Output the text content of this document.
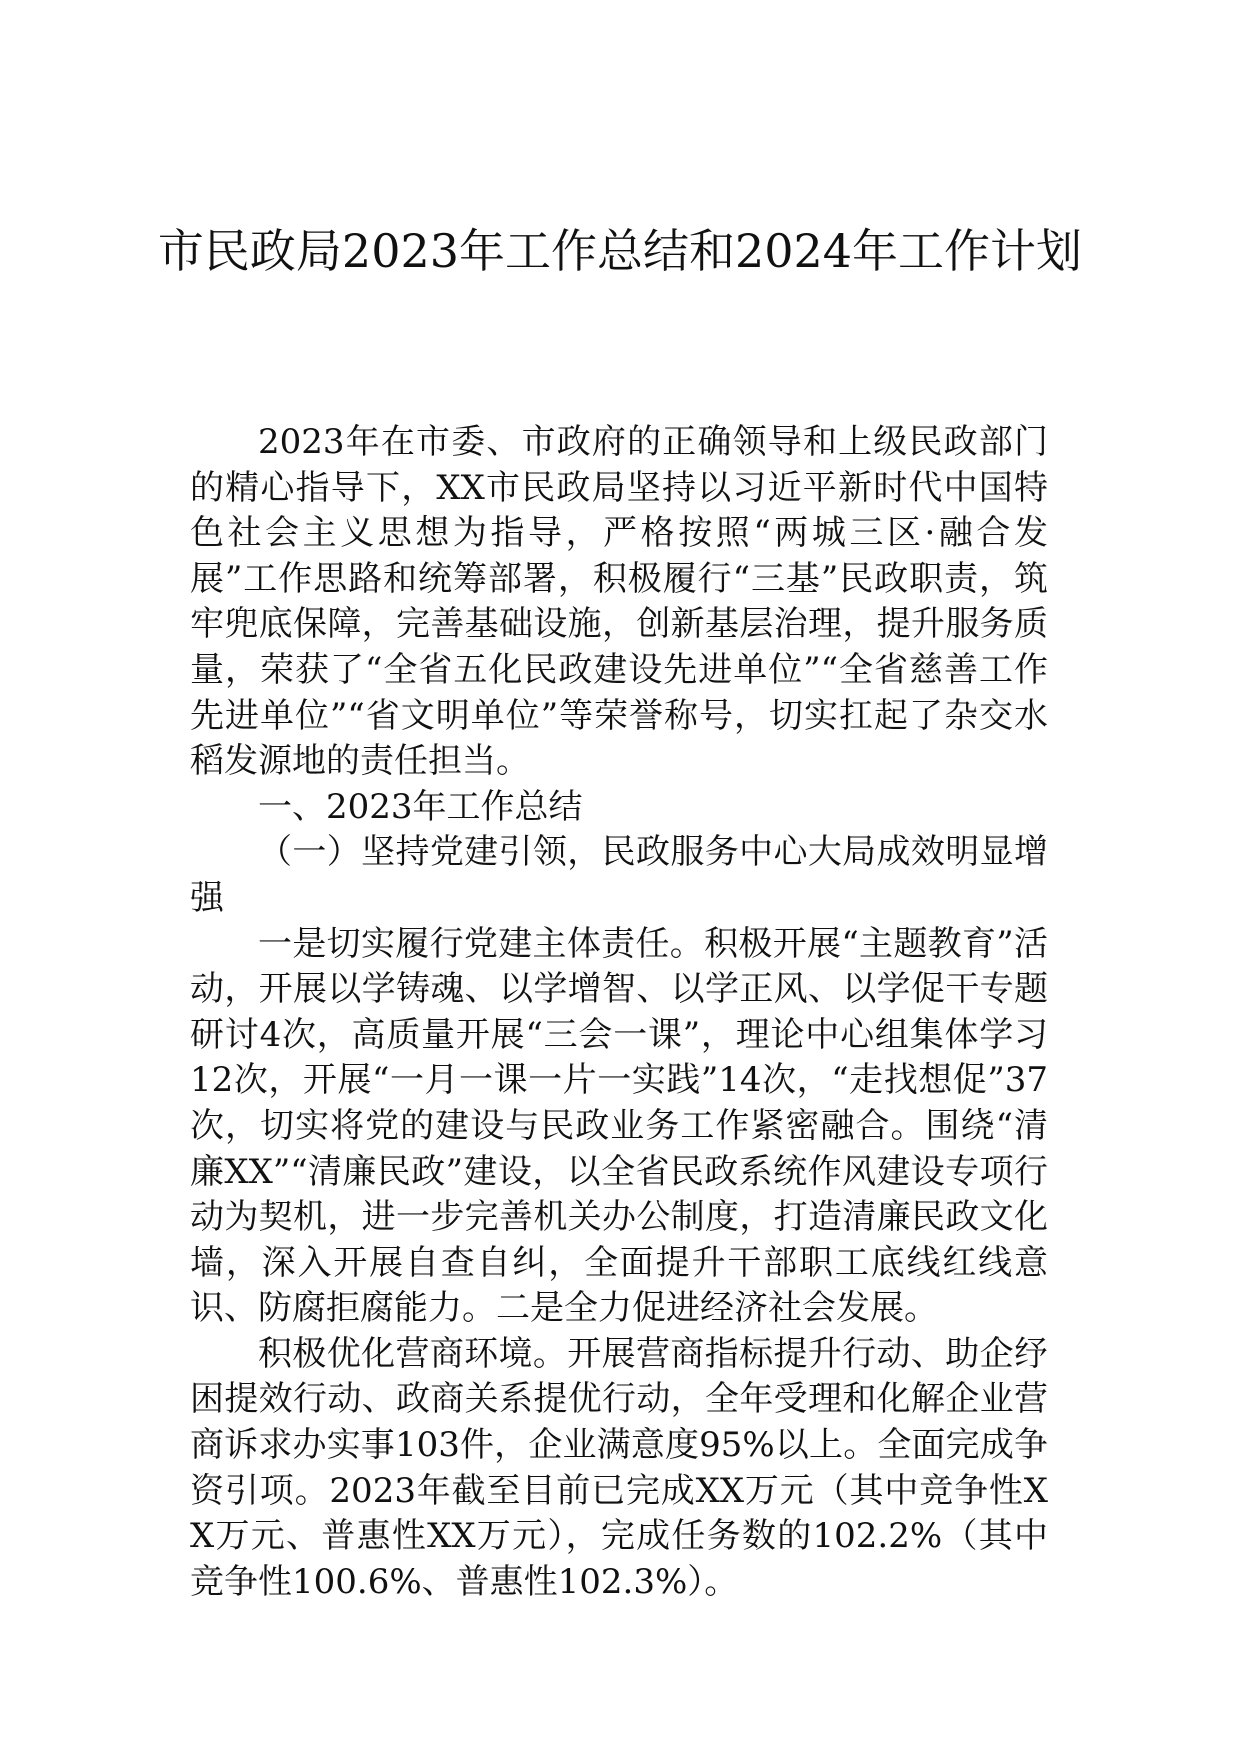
市民政局2023年工作总结和2024年工作计划

2023年在市委、市政府的正确领导和上级民政部门的精心指导下，XX市民政局坚持以习近平新时代中国特色社会主义思想为指导，严格按照“两城三区·融合发展”工作思路和统筹部署，积极履行“三基”民政职责，筑牢兜底保障，完善基础设施，创新基层治理，提升服务质量，荣获了“全省五化民政建设先进单位”“全省慈善工作先进单位”“省文明单位”等荣誉称号，切实扛起了杂交水稻发源地的责任担当。

一、2023年工作总结

（一）坚持党建引领，民政服务中心大局成效明显增强

一是切实履行党建主体责任。积极开展“主题教育”活动，开展以学铸魂、以学增智、以学正风、以学促干专题研讨4次，高质量开展“三会一课”，理论中心组集体学习12次，开展“一月一课一片一实践”14次，“走找想促”37次，切实将党的建设与民政业务工作紧密融合。围绕“清廉XX”“清廉民政”建设，以全省民政系统作风建设专项行动为契机，进一步完善机关办公制度，打造清廉民政文化墙，深入开展自查自纠，全面提升干部职工底线红线意识、防腐拒腐能力。二是全力促进经济社会发展。

积极优化营商环境。开展营商指标提升行动、助企纾困提效行动、政商关系提优行动，全年受理和化解企业营商诉求办实事103件，企业满意度95%以上。全面完成争资引项。2023年截至目前已完成XX万元（其中竞争性XX万元、普惠性XX万元），完成任务数的102.2%（其中竞争性100.6%、普惠性102.3%）。
